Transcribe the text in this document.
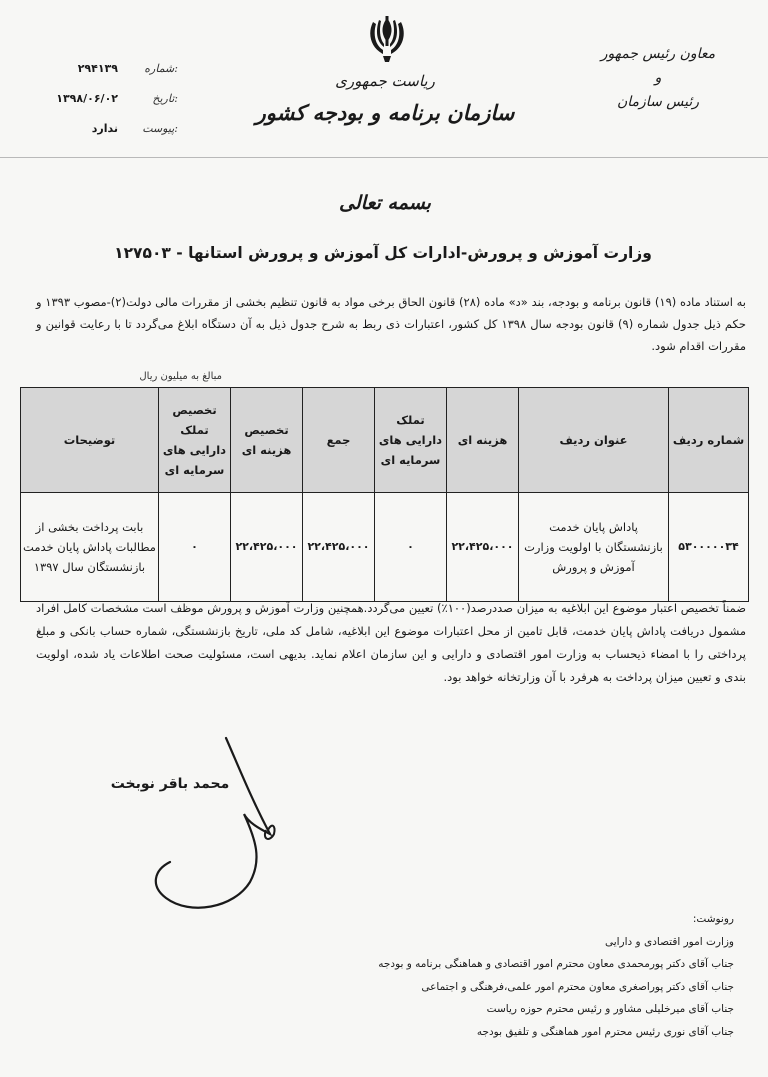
ریاست جمهوری
سازمان برنامه و بودجه کشور
معاون رئیس جمهور
و
رئیس سازمان
شماره:
۲۹۴۱۳۹
تاریخ:
۱۳۹۸/۰۶/۰۲
پیوست:
ندارد
بسمه تعالی
وزارت آموزش و پرورش-ادارات کل آموزش و پرورش استانها - ۱۲۷۵۰۳
به استناد ماده (۱۹) قانون برنامه و بودجه، بند «د» ماده (۲۸) قانون الحاق برخی مواد به قانون تنظیم بخشی از مقررات مالی دولت(۲)-مصوب ۱۳۹۳ و حکم ذیل جدول شماره (۹) قانون بودجه سال ۱۳۹۸ کل کشور، اعتبارات ذی ربط به شرح جدول ذیل به آن دستگاه ابلاغ می‌گردد تا با رعایت قوانین و مقررات اقدام شود.
مبالغ به میلیون ریال
شماره ردیف	عنوان ردیف	هزینه ای	تملک دارایی های سرمایه ای	جمع	تخصیص هزینه ای	تخصیص تملک دارایی های سرمایه ای	توضیحات
۵۳۰۰۰۰۰۳۴	پاداش پایان خدمت بازنشستگان با اولویت وزارت آموزش و پرورش	۲۲،۴۲۵،۰۰۰	۰	۲۲،۴۲۵،۰۰۰	۲۲،۴۲۵،۰۰۰	۰	بابت پرداخت بخشی از مطالبات پاداش پایان خدمت بازنشستگان سال ۱۳۹۷
ضمناً تخصیص اعتبار موضوع این ابلاغیه به میزان صددرصد(۱۰۰٪) تعیین می‌گردد.همچنین وزارت آموزش و پرورش موظف است مشخصات کامل افراد مشمول دریافت پاداش پایان خدمت، قابل تامین از محل اعتبارات موضوع این ابلاغیه، شامل کد ملی، تاریخ بازنشستگی، شماره حساب بانکی و مبلغ پرداختی را با امضاء ذیحساب به وزارت امور اقتصادی و دارایی و این سازمان اعلام نماید. بدیهی است، مسئولیت صحت اطلاعات یاد شده، اولویت بندی و تعیین میزان پرداخت به هرفرد با آن وزارتخانه خواهد بود.
محمد باقر نوبخت
رونوشت:
وزارت امور اقتصادی و دارایی
جناب آقای دکتر پورمحمدی معاون محترم امور اقتصادی و هماهنگی برنامه و بودجه
جناب آقای دکتر پوراصغری معاون محترم امور علمی،فرهنگی و اجتماعی
جناب آقای میرخلیلی مشاور و رئیس محترم حوزه ریاست
جناب آقای نوری رئیس محترم امور هماهنگی و تلفیق بودجه
